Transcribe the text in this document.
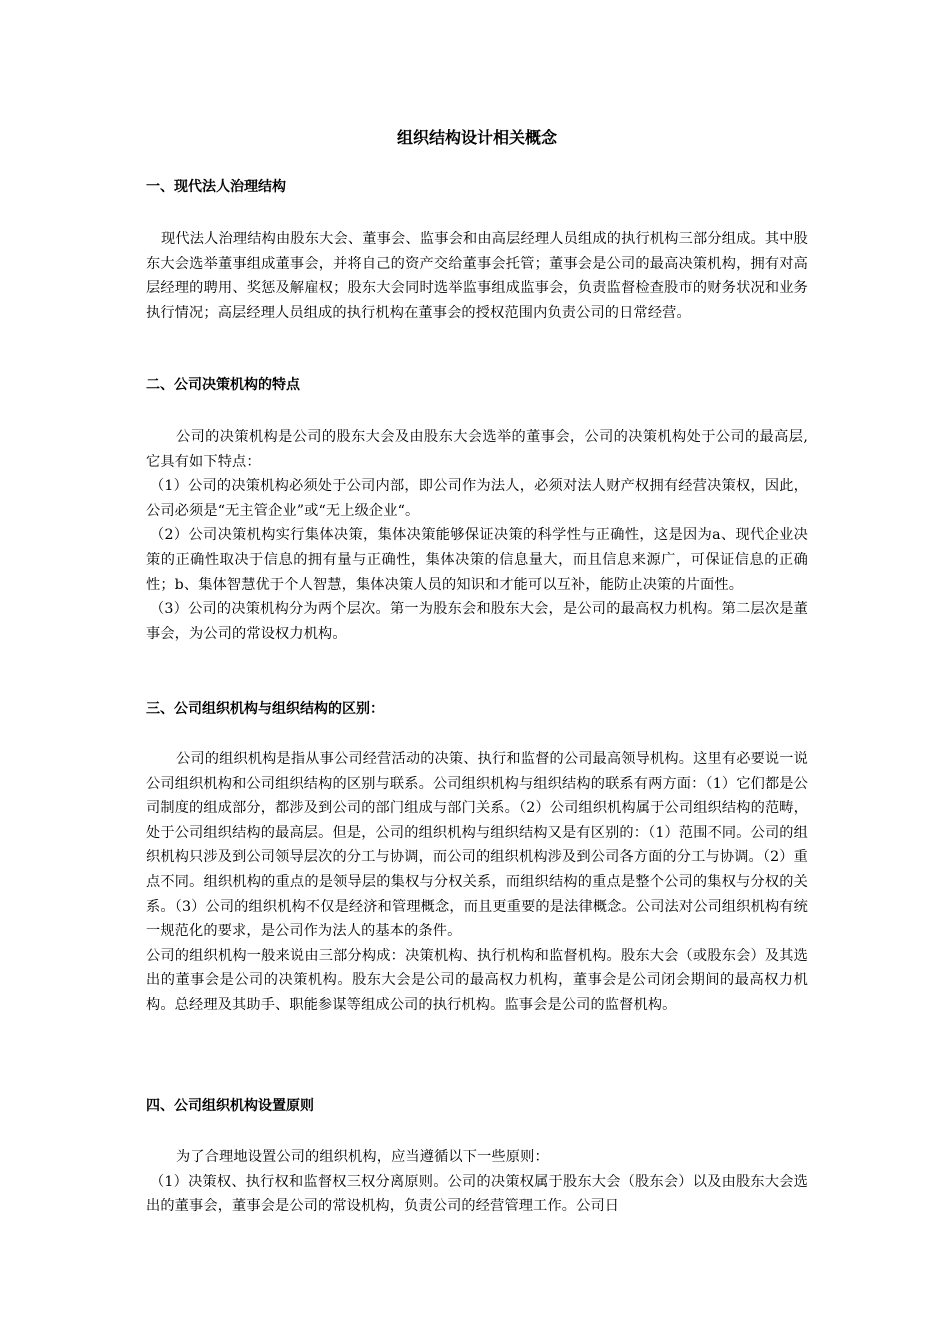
组织结构设计相关概念
一、现代法人治理结构

现代法人治理结构由股东大会、董事会、监事会和由高层经理人员组成的执行机构三部分组成。其中股东大会选举董事组成董事会，并将自己的资产交给董事会托管；董事会是公司的最高决策机构，拥有对高层经理的聘用、奖惩及解雇权；股东大会同时选举监事组成监事会，负责监督检查股市的财务状况和业务执行情况；高层经理人员组成的执行机构在董事会的授权范围内负责公司的日常经营。

二、公司决策机构的特点

公司的决策机构是公司的股东大会及由股东大会选举的董事会，公司的决策机构处于公司的最高层,它具有如下特点：

（1）公司的决策机构必须处于公司内部，即公司作为法人，必须对法人财产权拥有经营决策权，因此，公司必须是“无主管企业”或“无上级企业“。

（2）公司决策机构实行集体决策，集体决策能够保证决策的科学性与正确性，这是因为a、现代企业决策的正确性取决于信息的拥有量与正确性，集体决策的信息量大，而且信息来源广，可保证信息的正确性；b、集体智慧优于个人智慧，集体决策人员的知识和才能可以互补，能防止决策的片面性。

（3）公司的决策机构分为两个层次。第一为股东会和股东大会，是公司的最高权力机构。第二层次是董事会，为公司的常设权力机构。

三、公司组织机构与组织结构的区别：

公司的组织机构是指从事公司经营活动的决策、执行和监督的公司最高领导机构。这里有必要说一说公司组织机构和公司组织结构的区别与联系。公司组织机构与组织结构的联系有两方面：（1）它们都是公司制度的组成部分，都涉及到公司的部门组成与部门关系。（2）公司组织机构属于公司组织结构的范畴，处于公司组织结构的最高层。但是，公司的组织机构与组织结构又是有区别的：（1）范围不同。公司的组织机构只涉及到公司领导层次的分工与协调，而公司的组织机构涉及到公司各方面的分工与协调。（2）重点不同。组织机构的重点的是领导层的集权与分权关系，而组织结构的重点是整个公司的集权与分权的关系。（3）公司的组织机构不仅是经济和管理概念，而且更重要的是法律概念。公司法对公司组织机构有统一规范化的要求，是公司作为法人的基本的条件。

公司的组织机构一般来说由三部分构成：决策机构、执行机构和监督机构。股东大会（或股东会）及其选出的董事会是公司的决策机构。股东大会是公司的最高权力机构，董事会是公司闭会期间的最高权力机构。总经理及其助手、职能参谋等组成公司的执行机构。监事会是公司的监督机构。

四、公司组织机构设置原则

为了合理地设置公司的组织机构，应当遵循以下一些原则：

（1）决策权、执行权和监督权三权分离原则。公司的决策权属于股东大会（股东会）以及由股东大会选出的董事会，董事会是公司的常设机构，负责公司的经营管理工作。公司日
